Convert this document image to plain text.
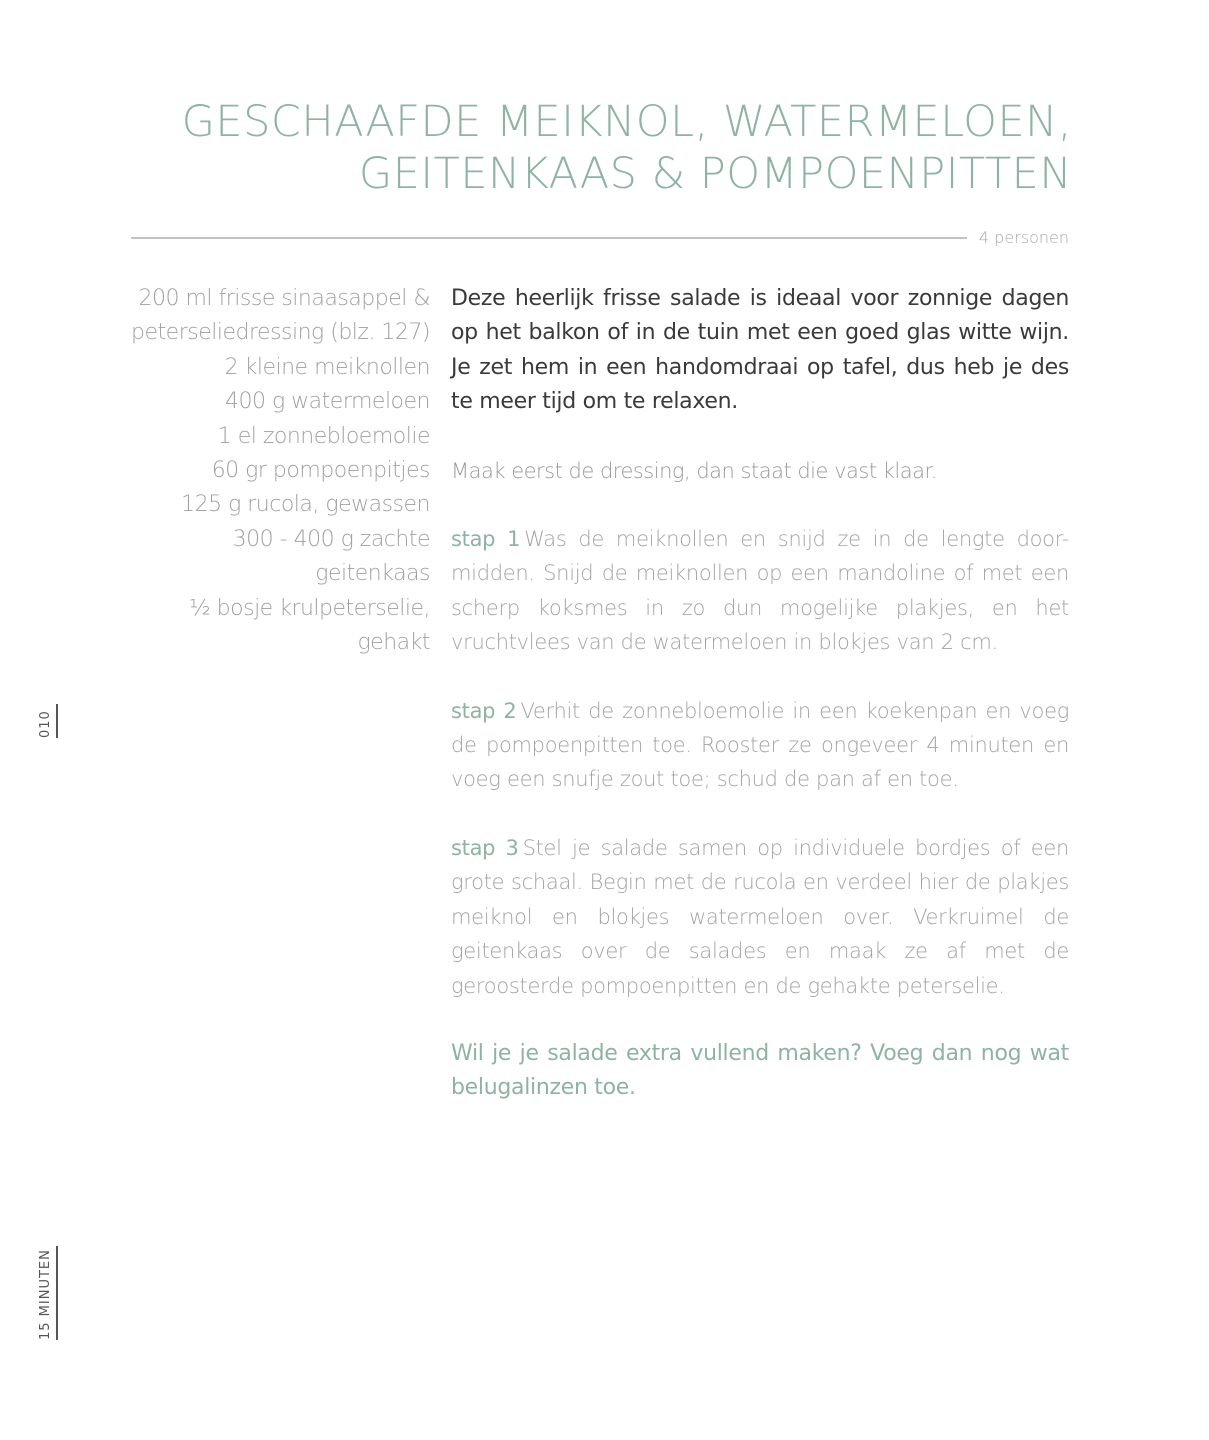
GESCHAAFDE MEIKNOL, WATERMELOEN,
GEITENKAAS & POMPOENPITTEN
4 personen
200 ml frisse sinaasappel &
peterseliedressing (blz. 127)
2 kleine meiknollen
400 g watermeloen
1 el zonnebloemolie
60 gr pompoenpitjes
125 g rucola, gewassen
300 - 400 g zachte
geitenkaas
½ bosje krulpeterselie,
gehakt

Deze heerlijk frisse salade is ideaal voor zonnige dagen op het balkon of in de tuin met een goed glas witte wijn. Je zet hem in een handomdraai op tafel, dus heb je des te meer tijd om te relaxen.

Maak eerst de dressing, dan staat die vast klaar.

stap 1 Was de meiknollen en snijd ze in de lengte door-midden. Snijd de meiknollen op een mandoline of met een scherp koksmes in zo dun mogelijke plakjes, en het vruchtvlees van de watermeloen in blokjes van 2 cm.

stap 2 Verhit de zonnebloemolie in een koekenpan en voeg de pompoenpitten toe. Rooster ze ongeveer 4 minuten en voeg een snufje zout toe; schud de pan af en toe.

stap 3 Stel je salade samen op individuele bordjes of een grote schaal. Begin met de rucola en verdeel hier de plakjes meiknol en blokjes watermeloen over. Verkruimel de geitenkaas over de salades en maak ze af met de geroosterde pompoenpitten en de gehakte peterselie.

Wil je je salade extra vullend maken? Voeg dan nog wat belugalinzen toe.

010
15 MINUTEN
